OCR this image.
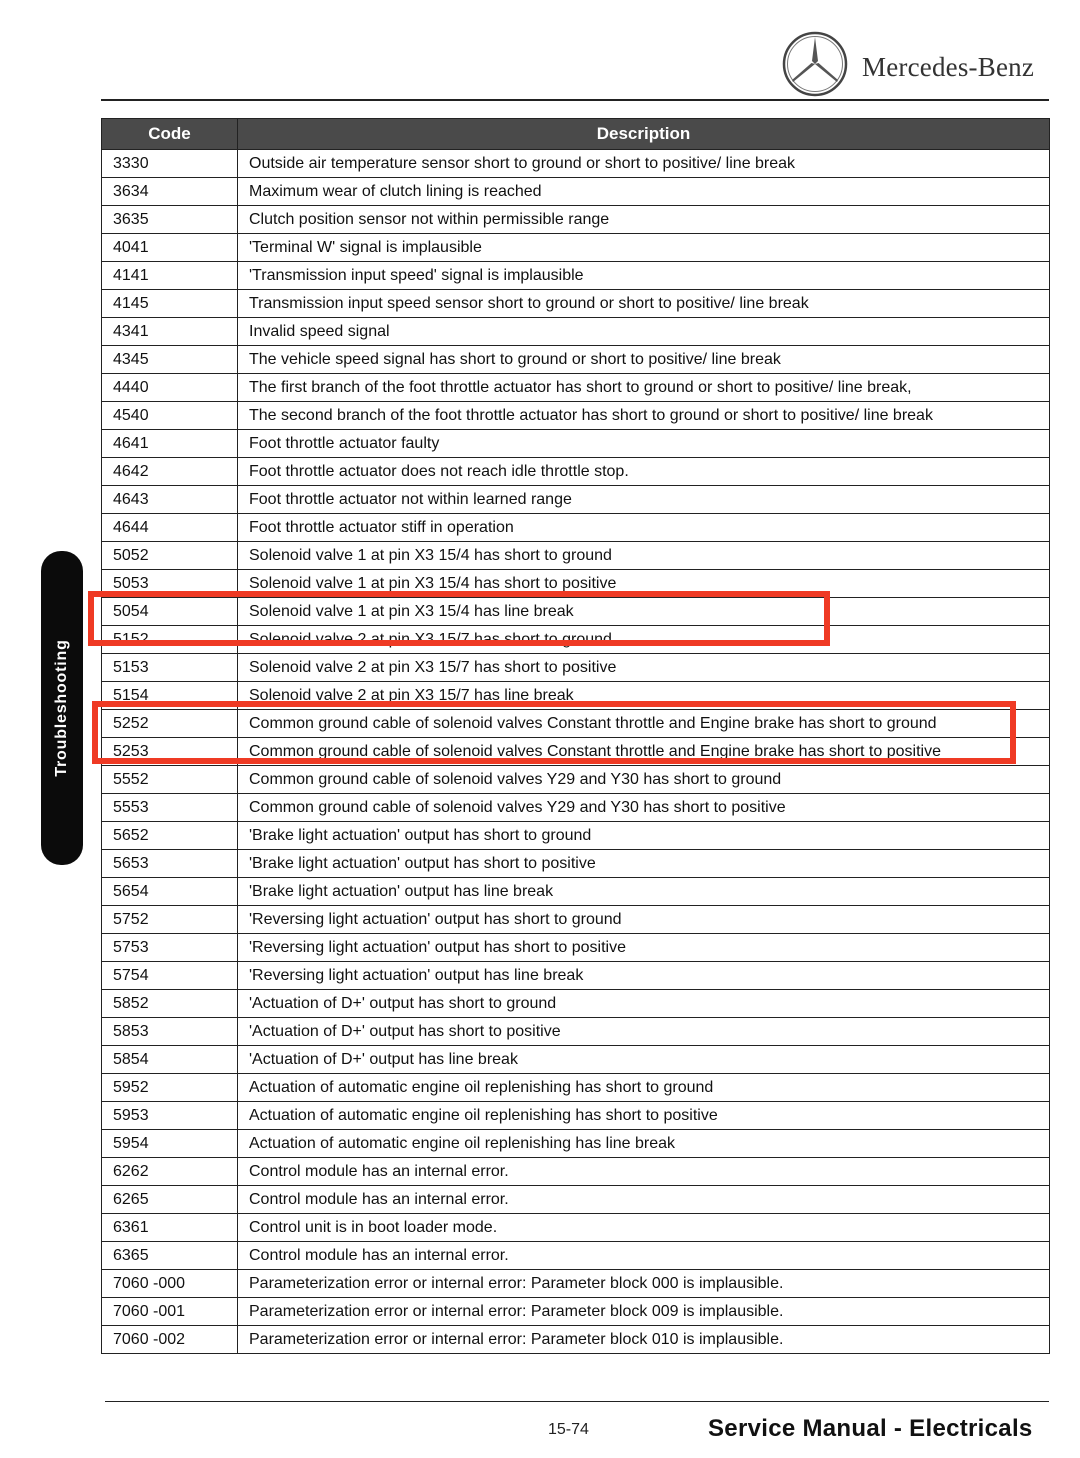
Mercedes-Benz
Troubleshooting
Code	Description
3330	Outside air temperature sensor short to ground or short to positive/ line break
3634	Maximum wear of clutch lining is reached
3635	Clutch position sensor not within permissible range
4041	'Terminal W' signal is implausible
4141	'Transmission input speed' signal is implausible
4145	Transmission input speed sensor short to ground or short to positive/ line break
4341	Invalid speed signal
4345	The vehicle speed signal has short to ground or short to positive/ line break
4440	The first branch of the foot throttle actuator has short to ground or short to positive/ line break,
4540	The second branch of the foot throttle actuator has short to ground or short to positive/ line break
4641	Foot throttle actuator faulty
4642	Foot throttle actuator does not reach idle throttle stop.
4643	Foot throttle actuator not within learned range
4644	Foot throttle actuator stiff in operation
5052	Solenoid valve 1 at pin X3 15/4 has short to ground
5053	Solenoid valve 1 at pin X3 15/4 has short to positive
5054	Solenoid valve 1 at pin X3 15/4 has line break
5152	Solenoid valve 2 at pin X3 15/7 has short to ground
5153	Solenoid valve 2 at pin X3 15/7 has short to positive
5154	Solenoid valve 2 at pin X3 15/7 has line break
5252	Common ground cable of solenoid valves Constant throttle and Engine brake has short to ground
5253	Common ground cable of solenoid valves Constant throttle and Engine brake has short to positive
5552	Common ground cable of solenoid valves Y29 and Y30 has short to ground
5553	Common ground cable of solenoid valves Y29 and Y30 has short to positive
5652	'Brake light actuation' output has short to ground
5653	'Brake light actuation' output has short to positive
5654	'Brake light actuation' output has line break
5752	'Reversing light actuation' output has short to ground
5753	'Reversing light actuation' output has short to positive
5754	'Reversing light actuation' output has line break
5852	'Actuation of D+' output has short to ground
5853	'Actuation of D+' output has short to positive
5854	'Actuation of D+' output has line break
5952	Actuation of automatic engine oil replenishing has short to ground
5953	Actuation of automatic engine oil replenishing has short to positive
5954	Actuation of automatic engine oil replenishing has line break
6262	Control module has an internal error.
6265	Control module has an internal error.
6361	Control unit is in boot loader mode.
6365	Control module has an internal error.
7060 -000	Parameterization error or internal error: Parameter block 000 is implausible.
7060 -001	Parameterization error or internal error: Parameter block 009 is implausible.
7060 -002	Parameterization error or internal error: Parameter block 010 is implausible.
15-74	Service Manual - Electricals
